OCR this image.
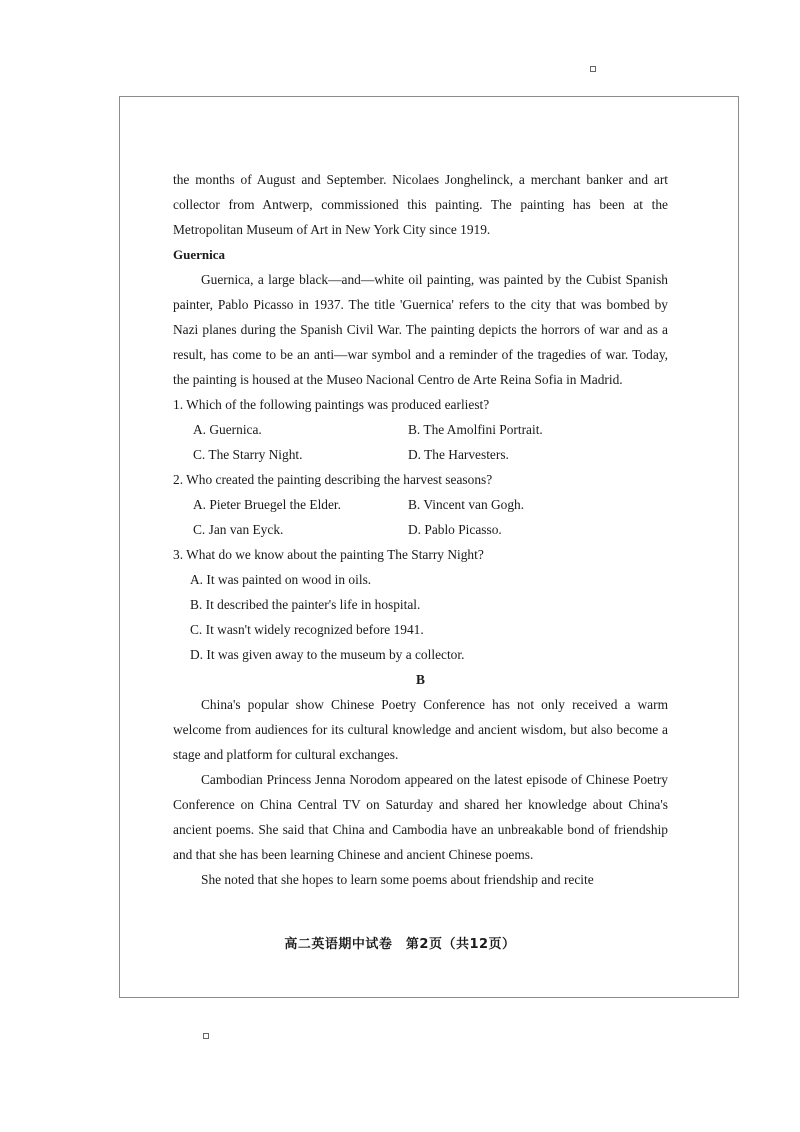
the months of August and September. Nicolaes Jonghelinck, a merchant banker and art collector from Antwerp, commissioned this painting. The painting has been at the Metropolitan Museum of Art in New York City since 1919.

Guernica

Guernica, a large black—and—white oil painting, was painted by the Cubist Spanish painter, Pablo Picasso in 1937. The title 'Guernica' refers to the city that was bombed by Nazi planes during the Spanish Civil War. The painting depicts the horrors of war and as a result, has come to be an anti—war symbol and a reminder of the tragedies of war. Today, the painting is housed at the Museo Nacional Centro de Arte Reina Sofia in Madrid.

1. Which of the following paintings was produced earliest?

A. Guernica.	B. The Amolfini Portrait.
C. The Starry Night.	D. The Harvesters.

2. Who created the painting describing the harvest seasons?

A. Pieter Bruegel the Elder.	B. Vincent van Gogh.
C. Jan van Eyck.	D. Pablo Picasso.

3. What do we know about the painting The Starry Night?

A. It was painted on wood in oils.

B. It described the painter's life in hospital.

C. It wasn't widely recognized before 1941.

D. It was given away to the museum by a collector.

B

China's popular show Chinese Poetry Conference has not only received a warm welcome from audiences for its cultural knowledge and ancient wisdom, but also become a stage and platform for cultural exchanges.

Cambodian Princess Jenna Norodom appeared on the latest episode of Chinese Poetry Conference on China Central TV on Saturday and shared her knowledge about China's ancient poems. She said that China and Cambodia have an unbreakable bond of friendship and that she has been learning Chinese and ancient Chinese poems.

She noted that she hopes to learn some poems about friendship and recite

高二英语期中试卷　第2页（共12页）
